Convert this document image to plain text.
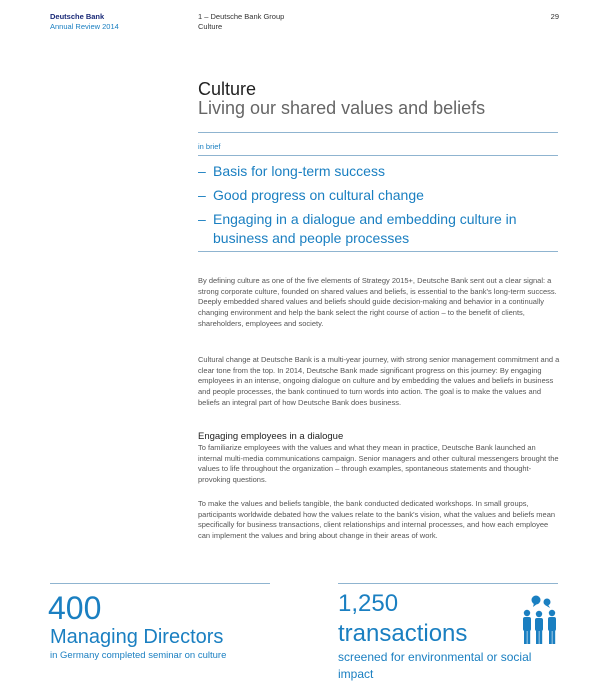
Deutsche Bank
Annual Review 2014
1 – Deutsche Bank Group
Culture
29
Culture
Living our shared values and beliefs
in brief
– Basis for long-term success
– Good progress on cultural change
– Engaging in a dialogue and embedding culture in business and people processes

By defining culture as one of the five elements of Strategy 2015+, Deutsche Bank sent out a clear signal: a strong corporate culture, founded on shared values and beliefs, is essential to the bank's long-term success. Deeply embedded shared values and beliefs should guide decision-making and behavior in a continually changing environment and help the bank select the right course of action – to the benefit of clients, shareholders, employees and society.

Cultural change at Deutsche Bank is a multi-year journey, with strong senior management commitment and a clear tone from the top. In 2014, Deutsche Bank made significant progress on this journey: By engaging employees in an intense, ongoing dialogue on culture and by embedding the values and beliefs in business and people processes, the bank continued to turn words into action. The goal is to make the values and beliefs an integral part of how Deutsche Bank does business.

Engaging employees in a dialogue

To familiarize employees with the values and what they mean in practice, Deutsche Bank launched an internal multi-media communications campaign. Senior managers and other cultural messengers brought the values to life throughout the organization – through examples, spontaneous statements and thought-provoking questions.

To make the values and beliefs tangible, the bank conducted dedicated workshops. In small groups, participants worldwide debated how the values relate to the bank's vision, what the values and beliefs mean specifically for business transactions, client relationships and internal processes, and how each employee can implement the values and bring about change in their areas of work.

400
Managing Directors
in Germany completed seminar on culture
1,250
transactions
screened for environmental or social impact
